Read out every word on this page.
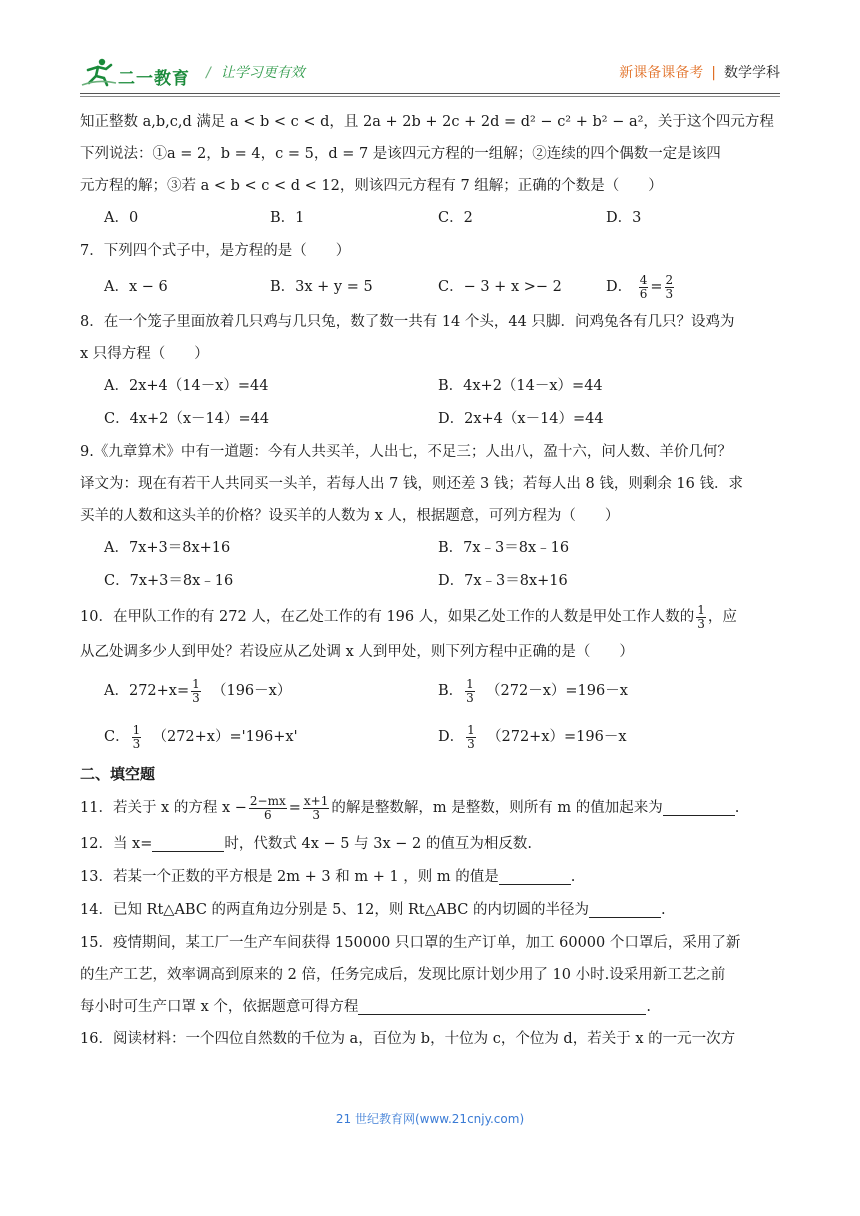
二一教育 / 让学习更有效	新课备课备考 | 数学学科
知正整数 a,b,c,d 满足 a < b < c < d，且 2a + 2b + 2c + 2d = d² − c² + b² − a²，关于这个四元方程
下列说法：①a = 2，b = 4，c = 5，d = 7 是该四元方程的一组解；②连续的四个偶数一定是该四
元方程的解；③若 a < b < c < d < 12，则该四元方程有 7 组解；正确的个数是（　　）
A．0	B．1	C．2	D．3
7．下列四个式子中，是方程的是（　　）
A．x − 6	B．3x + y = 5	C．− 3 + x >− 2	D． $\frac{4}{6} = \frac{2}{3}$
8．在一个笼子里面放着几只鸡与几只兔，数了数一共有 14 个头，44 只脚．问鸡兔各有几只？设鸡为
x 只得方程（　　）
A．2x+4（14－x）=44	B．4x+2（14－x）=44
C．4x+2（x－14）=44	D．2x+4（x－14）=44
9.《九章算术》中有一道题：今有人共买羊，人出七，不足三；人出八，盈十六，问人数、羊价几何？
译文为：现在有若干人共同买一头羊，若每人出 7 钱，则还差 3 钱；若每人出 8 钱，则剩余 16 钱．求
买羊的人数和这头羊的价格？设买羊的人数为 x 人，根据题意，可列方程为（　　）
A．7x+3＝8x+16	B．7x﹣3＝8x﹣16
C．7x+3＝8x﹣16	D．7x﹣3＝8x+16
10．在甲队工作的有 272 人，在乙处工作的有 196 人，如果乙处工作的人数是甲处工作人数的 $\frac{1}{3}$ ，应
从乙处调多少人到甲处？若设应从乙处调 x 人到甲处，则下列方程中正确的是（　　）
A．$272+x= \frac{1}{3} (196-x)$	B． $\frac{1}{3} (272-x)=196-x$
C． $\frac{1}{3} (272+x)='196+x'$	D． $\frac{1}{3} (272+x)=196-x$
二、填空题
11．若关于 x 的方程 $x - \frac{2-mx}{6} = \frac{x+1}{3}$ 的解是整数解，m 是整数，则所有 m 的值加起来为	.
12．当 x=	时，代数式 4x − 5 与 3x − 2 的值互为相反数.
13．若某一个正数的平方根是 2m + 3 和 m + 1 ，则 m 的值是	.
14．已知 Rt△ABC 的两直角边分别是 5、12，则 Rt△ABC 的内切圆的半径为	.
15．疫情期间，某工厂一生产车间获得 150000 只口罩的生产订单，加工 60000 个口罩后，采用了新
的生产工艺，效率调高到原来的 2 倍，任务完成后，发现比原计划少用了 10 小时.设采用新工艺之前
每小时可生产口罩 x 个，依据题意可得方程	.
16．阅读材料：一个四位自然数的千位为 a，百位为 b，十位为 c，个位为 d，若关于 x 的一元一次方
21 世纪教育网(www.21cnjy.com)
